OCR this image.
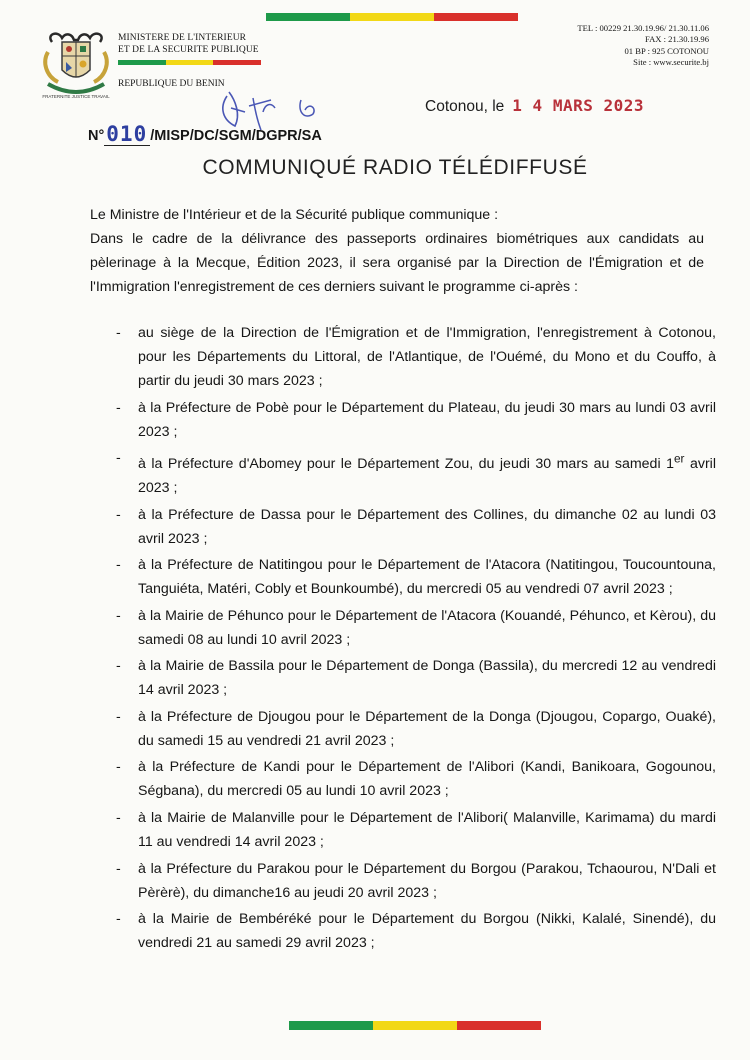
FRATERNITE JUSTICE TRAVAIL
MINISTERE DE L'INTERIEUR
ET DE LA SECURITE PUBLIQUE
REPUBLIQUE DU BENIN
TEL : 00229 21.30.19.96/ 21.30.11.06
FAX : 21.30.19.96
01 BP : 925 COTONOU
Site : www.securite.bj
Cotonou, le 1 4 MARS 2023
N° 010 /MISP/DC/SGM/DGPR/SA
COMMUNIQUÉ RADIO TÉLÉDIFFUSÉ
Le Ministre de l'Intérieur et de la Sécurité publique communique :
Dans le cadre de la délivrance des passeports ordinaires biométriques aux candidats au pèlerinage à la Mecque, Édition 2023, il sera organisé par la Direction de l'Émigration et de l'Immigration l'enregistrement de ces derniers suivant le programme ci-après :
- au siège de la Direction de l'Émigration et de l'Immigration, l'enregistrement à Cotonou, pour les Départements du Littoral, de l'Atlantique, de l'Ouémé, du Mono et du Couffo, à partir du jeudi 30 mars 2023 ;
- à la Préfecture de Pobè pour le Département du Plateau, du jeudi 30 mars au lundi 03 avril 2023 ;
- à la Préfecture d'Abomey pour le Département Zou, du jeudi 30 mars au samedi 1er avril 2023 ;
- à la Préfecture de Dassa pour le Département des Collines, du dimanche 02 au lundi 03 avril 2023 ;
- à la Préfecture de Natitingou pour le Département de l'Atacora (Natitingou, Toucountouna, Tanguiéta, Matéri, Cobly et Bounkoumbé), du mercredi 05 au vendredi 07 avril 2023 ;
- à la Mairie de Péhunco pour le Département de l'Atacora (Kouandé, Péhunco, et Kèrou), du samedi 08 au lundi 10 avril 2023 ;
- à la Mairie de Bassila pour le Département de Donga (Bassila), du mercredi 12 au vendredi 14 avril 2023 ;
- à la Préfecture de Djougou pour le Département de la Donga (Djougou, Copargo, Ouaké), du samedi 15 au vendredi 21 avril 2023 ;
- à la Préfecture de Kandi pour le Département de l'Alibori (Kandi, Banikoara, Gogounou, Ségbana), du mercredi 05 au lundi 10 avril 2023 ;
- à la Mairie de Malanville pour le Département de l'Alibori( Malanville, Karimama) du mardi 11 au vendredi 14 avril 2023 ;
- à la Préfecture du Parakou pour le Département du Borgou (Parakou, Tchaourou, N'Dali et Pèrèrè), du dimanche16 au jeudi 20 avril 2023 ;
- à la Mairie de Bembéréké pour le Département du Borgou (Nikki, Kalalé, Sinendé), du vendredi 21 au samedi 29 avril 2023 ;
